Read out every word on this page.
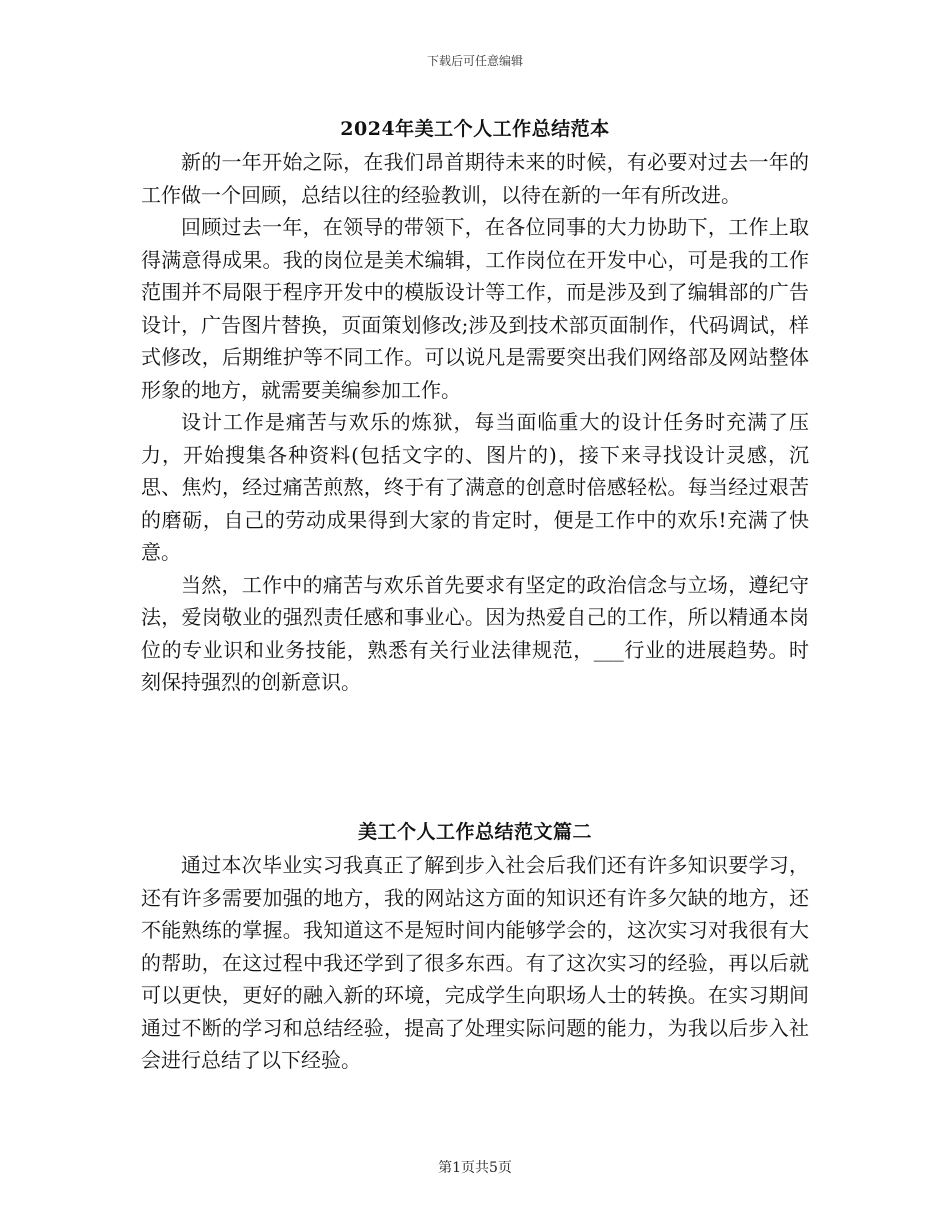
下载后可任意编辑
2024年美工个人工作总结范本

新的一年开始之际，在我们昂首期待未来的时候，有必要对过去一年的工作做一个回顾，总结以往的经验教训，以待在新的一年有所改进。

回顾过去一年，在领导的带领下，在各位同事的大力协助下，工作上取得满意得成果。我的岗位是美术编辑，工作岗位在开发中心，可是我的工作范围并不局限于程序开发中的模版设计等工作，而是涉及到了编辑部的广告设计，广告图片替换，页面策划修改;涉及到技术部页面制作，代码调试，样式修改，后期维护等不同工作。可以说凡是需要突出我们网络部及网站整体形象的地方，就需要美编参加工作。

设计工作是痛苦与欢乐的炼狱，每当面临重大的设计任务时充满了压力，开始搜集各种资料(包括文字的、图片的)，接下来寻找设计灵感，沉思、焦灼，经过痛苦煎熬，终于有了满意的创意时倍感轻松。每当经过艰苦的磨砺，自己的劳动成果得到大家的肯定时，便是工作中的欢乐!充满了快意。

当然，工作中的痛苦与欢乐首先要求有坚定的政治信念与立场，遵纪守法，爱岗敬业的强烈责任感和事业心。因为热爱自己的工作，所以精通本岗位的专业识和业务技能，熟悉有关行业法律规范，___行业的进展趋势。时刻保持强烈的创新意识。

美工个人工作总结范文篇二

通过本次毕业实习我真正了解到步入社会后我们还有许多知识要学习，还有许多需要加强的地方，我的网站这方面的知识还有许多欠缺的地方，还不能熟练的掌握。我知道这不是短时间内能够学会的，这次实习对我很有大的帮助，在这过程中我还学到了很多东西。有了这次实习的经验，再以后就可以更快，更好的融入新的环境，完成学生向职场人士的转换。在实习期间通过不断的学习和总结经验，提高了处理实际问题的能力，为我以后步入社会进行总结了以下经验。

第1页共5页
